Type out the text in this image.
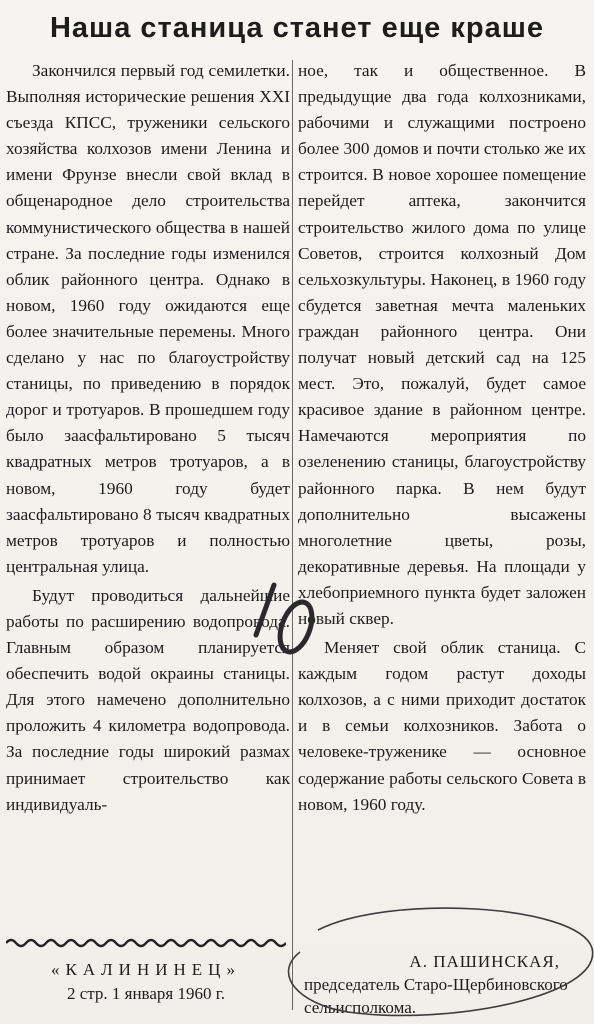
Наша станица станет еще краше

Закончился первый год семилетки. Выполняя исторические решения XXI съезда КПСС, труженики сельского хозяйства колхозов имени Ленина и имени Фрунзе внесли свой вклад в общенародное дело строительства коммунистического общества в нашей стране. За последние годы изменился облик районного центра. Однако в новом, 1960 году ожидаются еще более значительные перемены. Много сделано у нас по благоустройству станицы, по приведению в порядок дорог и тротуаров. В прошедшем году было заасфальтировано 5 тысяч квадратных метров тротуаров, а в новом, 1960 году будет заасфальтировано 8 тысяч квадратных метров тротуаров и полностью центральная улица.

Будут проводиться дальнейшие работы по расширению водопровода. Главным образом планируется обеспечить водой окраины станицы. Для этого намечено дополнительно проложить 4 километра водопровода. За последние годы широкий размах принимает строительство как индивидуаль-

ное, так и общественное. В предыдущие два года колхозниками, рабочими и служащими построено более 300 домов и почти столько же их строится. В новое хорошее помещение перейдет аптека, закончится строительство жилого дома по улице Советов, строится колхозный Дом сельхозкультуры. Наконец, в 1960 году сбудется заветная мечта маленьких граждан районного центра. Они получат новый детский сад на 125 мест. Это, пожалуй, будет самое красивое здание в районном центре. Намечаются мероприятия по озеленению станицы, благоустройству районного парка. В нем будут дополнительно высажены многолетние цветы, розы, декоративные деревья. На площади у хлебоприемного пункта будет заложен новый сквер.

Меняет свой облик станица. С каждым годом растут доходы колхозов, а с ними приходит достаток и в семьи колхозников. Забота о человеке-труженике — основное содержание работы сельского Совета в новом, 1960 году.

«КАЛИНИНЕЦ»
2 стр. 1 января 1960 г.
А. ПАШИНСКАЯ,
председатель Старо-Щербиновского сельисполкома.
